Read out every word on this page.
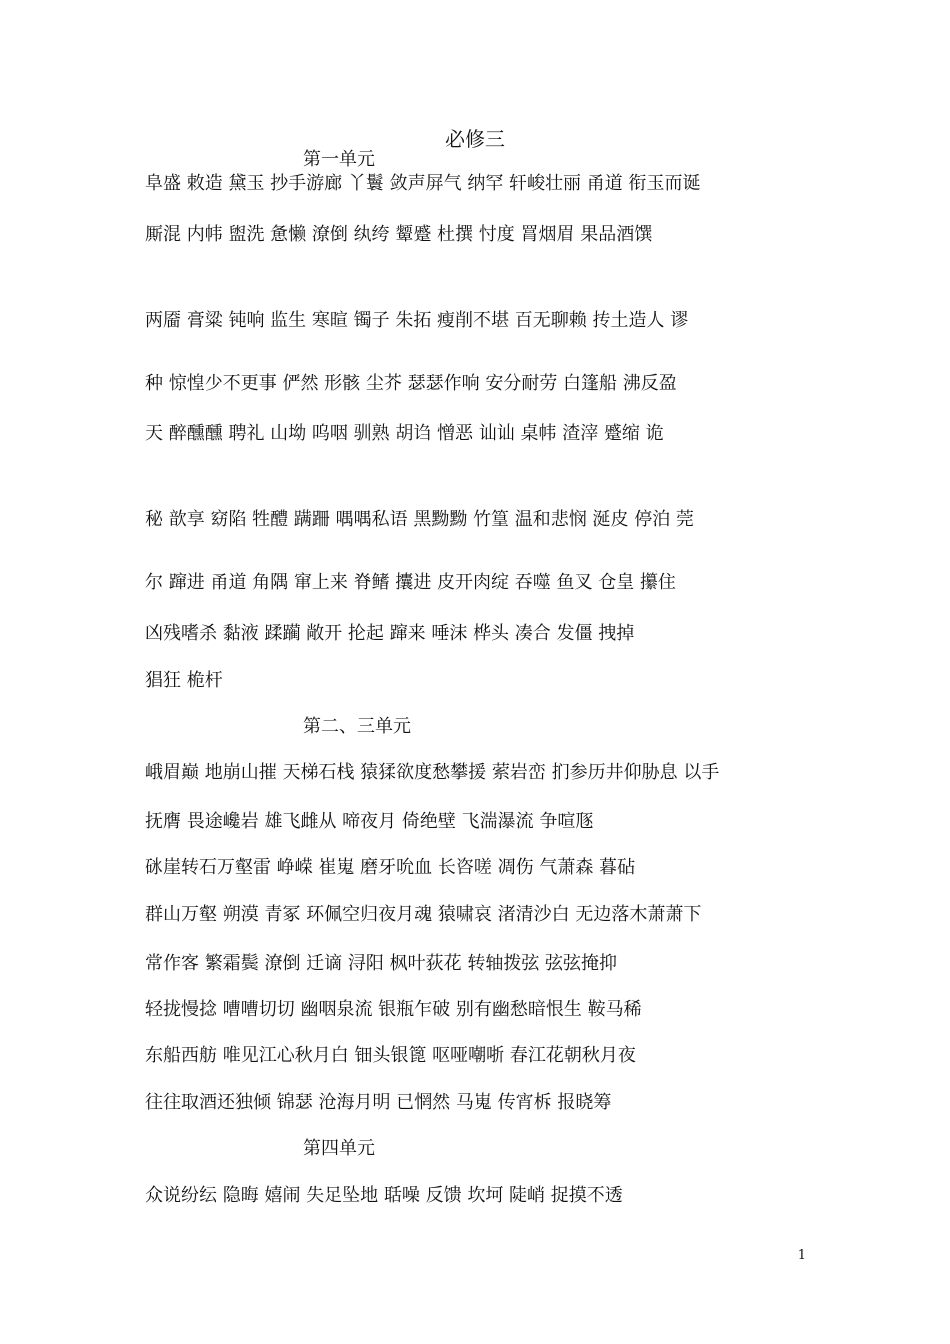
必修三
第一单元
阜盛 敕造 黛玉 抄手游廊 丫鬟 敛声屏气 纳罕 轩峻壮丽 甬道 衔玉而诞
厮混 内帏 盥洗 惫懒 潦倒 纨绔 颦蹙 杜撰 忖度 罥烟眉 果品酒馔
两靥 膏粱 钝响 监生 寒暄 镯子 朱拓 瘦削不堪 百无聊赖 抟土造人 谬
种 惊惶少不更事 俨然 形骸 尘芥 瑟瑟作响 安分耐劳 白篷船 沸反盈
天 醉醺醺 聘礼 山坳 呜咽 驯熟 胡诌 憎恶 讪讪 桌帏 渣滓 蹙缩 诡
秘 歆享 窈陷 牲醴 蹒跚 喁喁私语 黑黝黝 竹篁 温和悲悯 涎皮 停泊 莞
尔 蹿进 甬道 角隅 窜上来 脊鳍 攮进 皮开肉绽 吞噬 鱼叉 仓皇 攥住
凶残嗜杀 黏液 蹂躏 敞开 抡起 蹿来 唾沫 桦头 凑合 发僵 拽掉
猖狂 桅杆
第二、三单元
峨眉巅 地崩山摧 天梯石栈 猿猱欲度愁攀援 萦岩峦 扪参历井仰胁息 以手
抚膺 畏途巉岩 雄飞雌从 啼夜月 倚绝壁 飞湍瀑流 争喧豗
砯崖转石万壑雷 峥嵘 崔嵬 磨牙吮血 长咨嗟 凋伤 气萧森 暮砧
群山万壑 朔漠 青冢 环佩空归夜月魂 猿啸哀 渚清沙白 无边落木萧萧下
常作客 繁霜鬓 潦倒 迁谪 浔阳 枫叶荻花 转轴拨弦 弦弦掩抑
轻拢慢捻 嘈嘈切切 幽咽泉流 银瓶乍破 别有幽愁暗恨生 鞍马稀
东船西舫 唯见江心秋月白 钿头银篦 呕哑嘲哳 春江花朝秋月夜
往往取酒还独倾 锦瑟 沧海月明 已惘然 马嵬 传宵柝 报晓筹
第四单元
众说纷纭 隐晦 嬉闹 失足坠地 聒噪 反馈 坎坷 陡峭 捉摸不透
1
